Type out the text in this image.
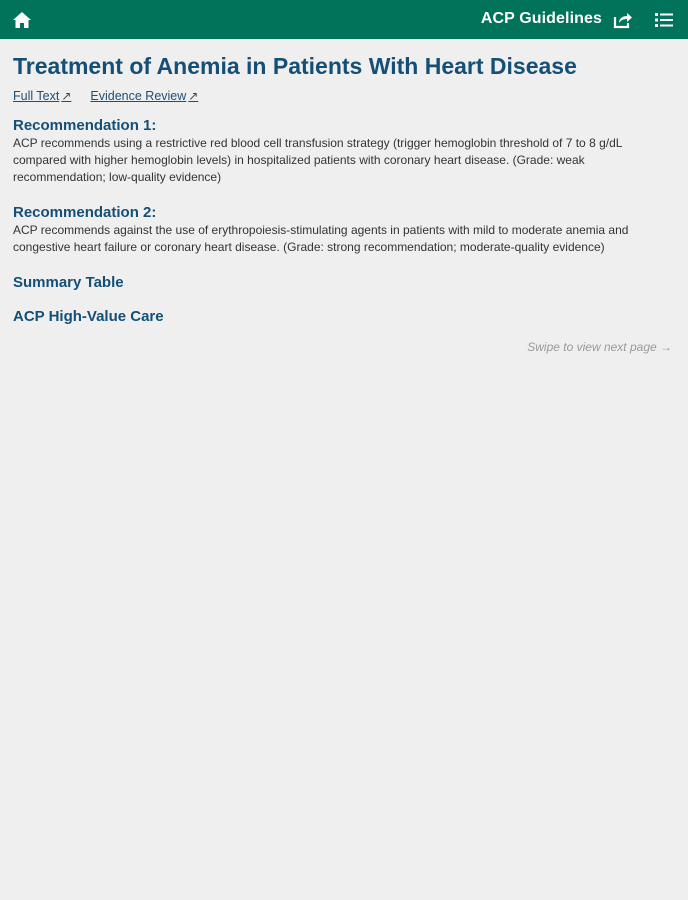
ACP Guidelines
Treatment of Anemia in Patients With Heart Disease
Full Text ↗ Evidence Review ↗
Recommendation 1:

ACP recommends using a restrictive red blood cell transfusion strategy (trigger hemoglobin threshold of 7 to 8 g/dL compared with higher hemoglobin levels) in hospitalized patients with coronary heart disease. (Grade: weak recommendation; low-quality evidence)

Recommendation 2:

ACP recommends against the use of erythropoiesis-stimulating agents in patients with mild to moderate anemia and congestive heart failure or coronary heart disease. (Grade: strong recommendation; moderate-quality evidence)

Summary Table
ACP High-Value Care
Swipe to view next page →
